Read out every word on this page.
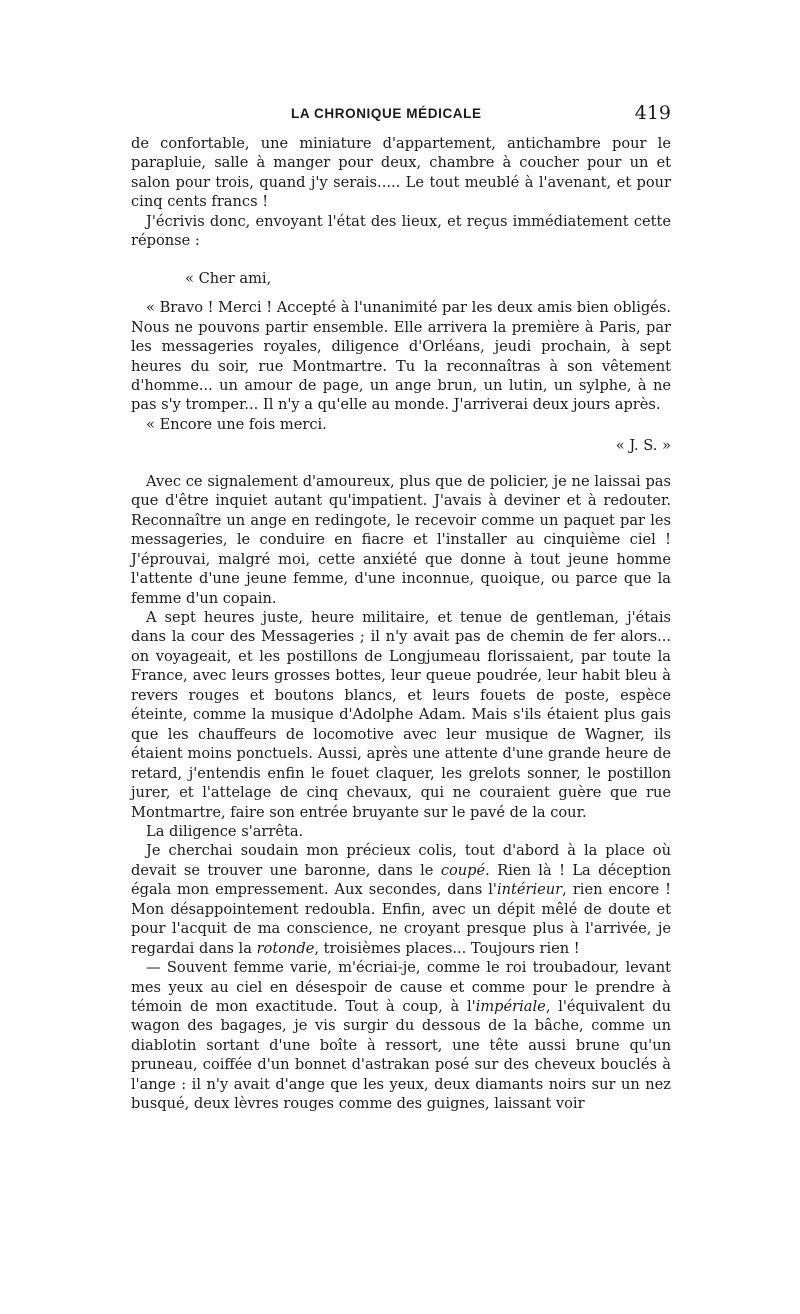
LA CHRONIQUE MÉDICALE	419

de confortable, une miniature d'appartement, antichambre pour le parapluie, salle à manger pour deux, chambre à coucher pour un et salon pour trois, quand j'y serais..... Le tout meublé à l'avenant, et pour cinq cents francs !

J'écrivis donc, envoyant l'état des lieux, et reçus immédiatement cette réponse :

« Cher ami,

« Bravo ! Merci ! Accepté à l'unanimité par les deux amis bien obligés. Nous ne pouvons partir ensemble. Elle arrivera la première à Paris, par les messageries royales, diligence d'Orléans, jeudi prochain, à sept heures du soir, rue Montmartre. Tu la reconnaîtras à son vêtement d'homme... un amour de page, un ange brun, un lutin, un sylphe, à ne pas s'y tromper... Il n'y a qu'elle au monde. J'arriverai deux jours après.

« Encore une fois merci.

« J. S. »

Avec ce signalement d'amoureux, plus que de policier, je ne laissai pas que d'être inquiet autant qu'impatient. J'avais à deviner et à redouter. Reconnaître un ange en redingote, le recevoir comme un paquet par les messageries, le conduire en fiacre et l'installer au cinquième ciel ! J'éprouvai, malgré moi, cette anxiété que donne à tout jeune homme l'attente d'une jeune femme, d'une inconnue, quoique, ou parce que la femme d'un copain.

A sept heures juste, heure militaire, et tenue de gentleman, j'étais dans la cour des Messageries ; il n'y avait pas de chemin de fer alors... on voyageait, et les postillons de Longjumeau florissaient, par toute la France, avec leurs grosses bottes, leur queue poudrée, leur habit bleu à revers rouges et boutons blancs, et leurs fouets de poste, espèce éteinte, comme la musique d'Adolphe Adam. Mais s'ils étaient plus gais que les chauffeurs de locomotive avec leur musique de Wagner, ils étaient moins ponctuels. Aussi, après une attente d'une grande heure de retard, j'entendis enfin le fouet claquer, les grelots sonner, le postillon jurer, et l'attelage de cinq chevaux, qui ne couraient guère que rue Montmartre, faire son entrée bruyante sur le pavé de la cour.

La diligence s'arrêta.

Je cherchai soudain mon précieux colis, tout d'abord à la place où devait se trouver une baronne, dans le coupé. Rien là ! La déception égala mon empressement. Aux secondes, dans l'intérieur, rien encore ! Mon désappointement redoubla. Enfin, avec un dépit mêlé de doute et pour l'acquit de ma conscience, ne croyant presque plus à l'arrivée, je regardai dans la rotonde, troisièmes places... Toujours rien !

— Souvent femme varie, m'écriai-je, comme le roi troubadour, levant mes yeux au ciel en désespoir de cause et comme pour le prendre à témoin de mon exactitude. Tout à coup, à l'impériale, l'équivalent du wagon des bagages, je vis surgir du dessous de la bâche, comme un diablotin sortant d'une boîte à ressort, une tête aussi brune qu'un pruneau, coiffée d'un bonnet d'astrakan posé sur des cheveux bouclés à l'ange : il n'y avait d'ange que les yeux, deux diamants noirs sur un nez busqué, deux lèvres rouges comme des guignes, laissant voir
